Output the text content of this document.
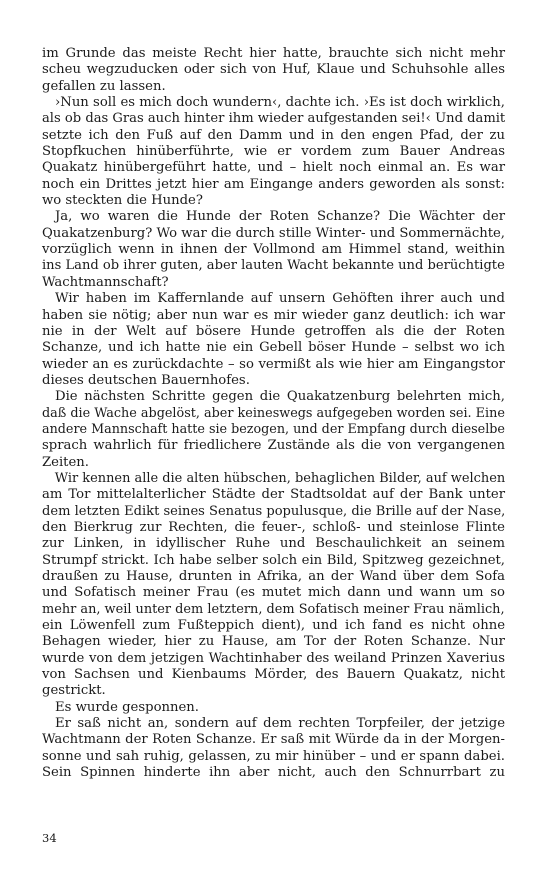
im Grunde das meiste Recht hier hatte, brauchte sich nicht mehr
scheu wegzuducken oder sich von Huf, Klaue und Schuhsohle alles
gefallen zu lassen.
›Nun soll es mich doch wundern‹, dachte ich. ›Es ist doch wirklich,
als ob das Gras auch hinter ihm wieder aufgestanden sei!‹ Und damit
setzte ich den Fuß auf den Damm und in den engen Pfad, der zu
Stopfkuchen hinüberführte, wie er vordem zum Bauer Andreas
Quakatz hinübergeführt hatte, und – hielt noch einmal an. Es war
noch ein Drittes jetzt hier am Eingange anders geworden als sonst:
wo steckten die Hunde?
Ja, wo waren die Hunde der Roten Schanze? Die Wächter der
Quakatzenburg? Wo war die durch stille Winter- und Sommernächte,
vorzüglich wenn in ihnen der Vollmond am Himmel stand, weithin
ins Land ob ihrer guten, aber lauten Wacht bekannte und berüchtigte
Wachtmannschaft?
Wir haben im Kaffernlande auf unsern Gehöften ihrer auch und
haben sie nötig; aber nun war es mir wieder ganz deutlich: ich war
nie in der Welt auf bösere Hunde getroffen als die der Roten
Schanze, und ich hatte nie ein Gebell böser Hunde – selbst wo ich
wieder an es zurückdachte – so vermißt als wie hier am Eingangstor
dieses deutschen Bauernhofes.
Die nächsten Schritte gegen die Quakatzenburg belehrten mich,
daß die Wache abgelöst, aber keineswegs aufgegeben worden sei. Eine
andere Mannschaft hatte sie bezogen, und der Empfang durch dieselbe
sprach wahrlich für friedlichere Zustände als die von vergangenen
Zeiten.
Wir kennen alle die alten hübschen, behaglichen Bilder, auf welchen
am Tor mittelalterlicher Städte der Stadtsoldat auf der Bank unter
dem letzten Edikt seines Senatus populusque, die Brille auf der Nase,
den Bierkrug zur Rechten, die feuer-, schloß- und steinlose Flinte
zur Linken, in idyllischer Ruhe und Beschaulichkeit an seinem
Strumpf strickt. Ich habe selber solch ein Bild, Spitzweg gezeichnet,
draußen zu Hause, drunten in Afrika, an der Wand über dem Sofa
und Sofatisch meiner Frau (es mutet mich dann und wann um so
mehr an, weil unter dem letztern, dem Sofatisch meiner Frau nämlich,
ein Löwenfell zum Fußteppich dient), und ich fand es nicht ohne
Behagen wieder, hier zu Hause, am Tor der Roten Schanze. Nur
wurde von dem jetzigen Wachtinhaber des weiland Prinzen Xaverius
von Sachsen und Kienbaums Mörder, des Bauern Quakatz, nicht
gestrickt.
Es wurde gesponnen.
Er saß nicht an, sondern auf dem rechten Torpfeiler, der jetzige
Wachtmann der Roten Schanze. Er saß mit Würde da in der Morgen-
sonne und sah ruhig, gelassen, zu mir hinüber – und er spann dabei.
Sein Spinnen hinderte ihn aber nicht, auch den Schnurrbart zu
34
